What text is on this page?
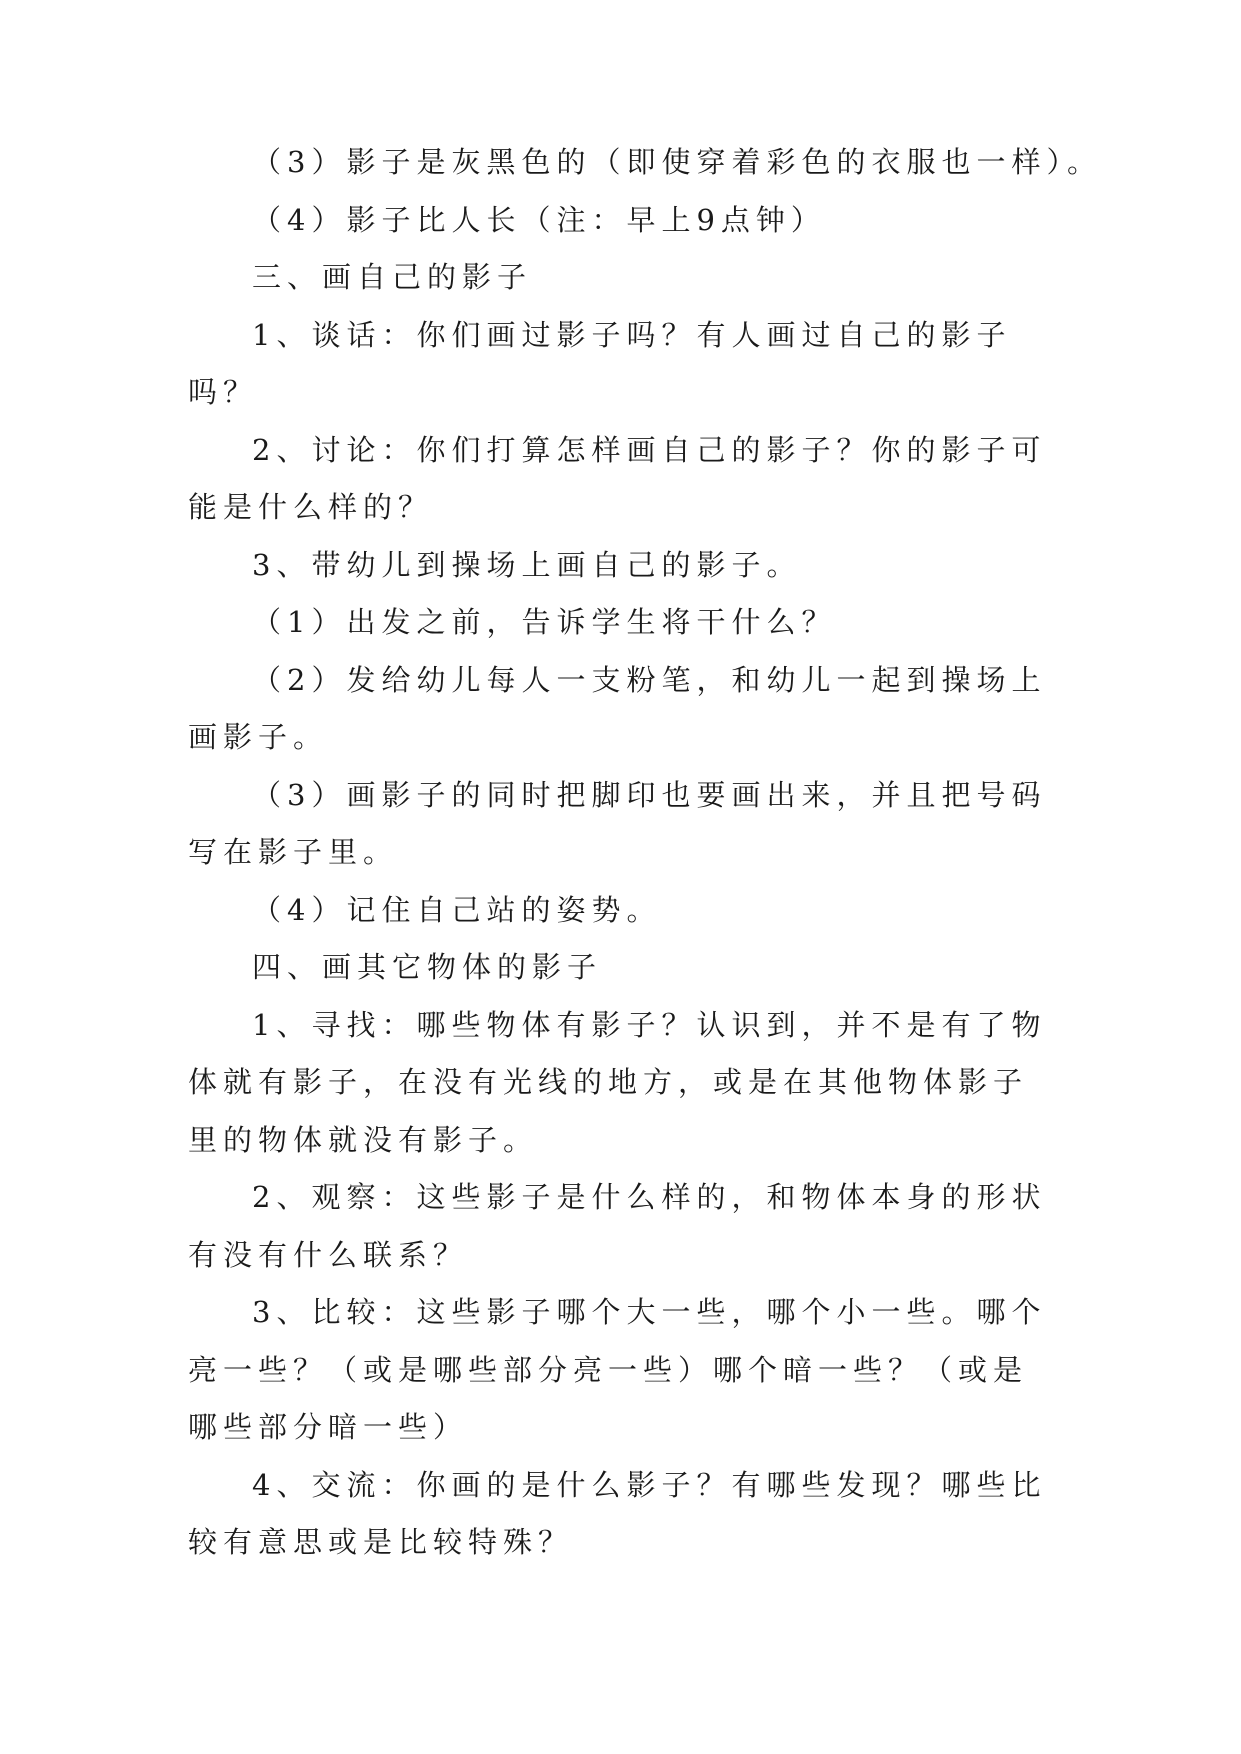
（3）影子是灰黑色的（即使穿着彩色的衣服也一样）。

（4）影子比人长（注：早上9点钟）

三、画自己的影子

1、谈话：你们画过影子吗？有人画过自己的影子吗？

2、讨论：你们打算怎样画自己的影子？你的影子可能是什么样的？

3、带幼儿到操场上画自己的影子。

（1）出发之前，告诉学生将干什么？

（2）发给幼儿每人一支粉笔，和幼儿一起到操场上画影子。

（3）画影子的同时把脚印也要画出来，并且把号码写在影子里。

（4）记住自己站的姿势。

四、画其它物体的影子

1、寻找：哪些物体有影子？认识到，并不是有了物体就有影子，在没有光线的地方，或是在其他物体影子里的物体就没有影子。

2、观察：这些影子是什么样的，和物体本身的形状有没有什么联系？

3、比较：这些影子哪个大一些，哪个小一些。哪个亮一些？（或是哪些部分亮一些）哪个暗一些？（或是哪些部分暗一些）

4、交流：你画的是什么影子？有哪些发现？哪些比较有意思或是比较特殊？
